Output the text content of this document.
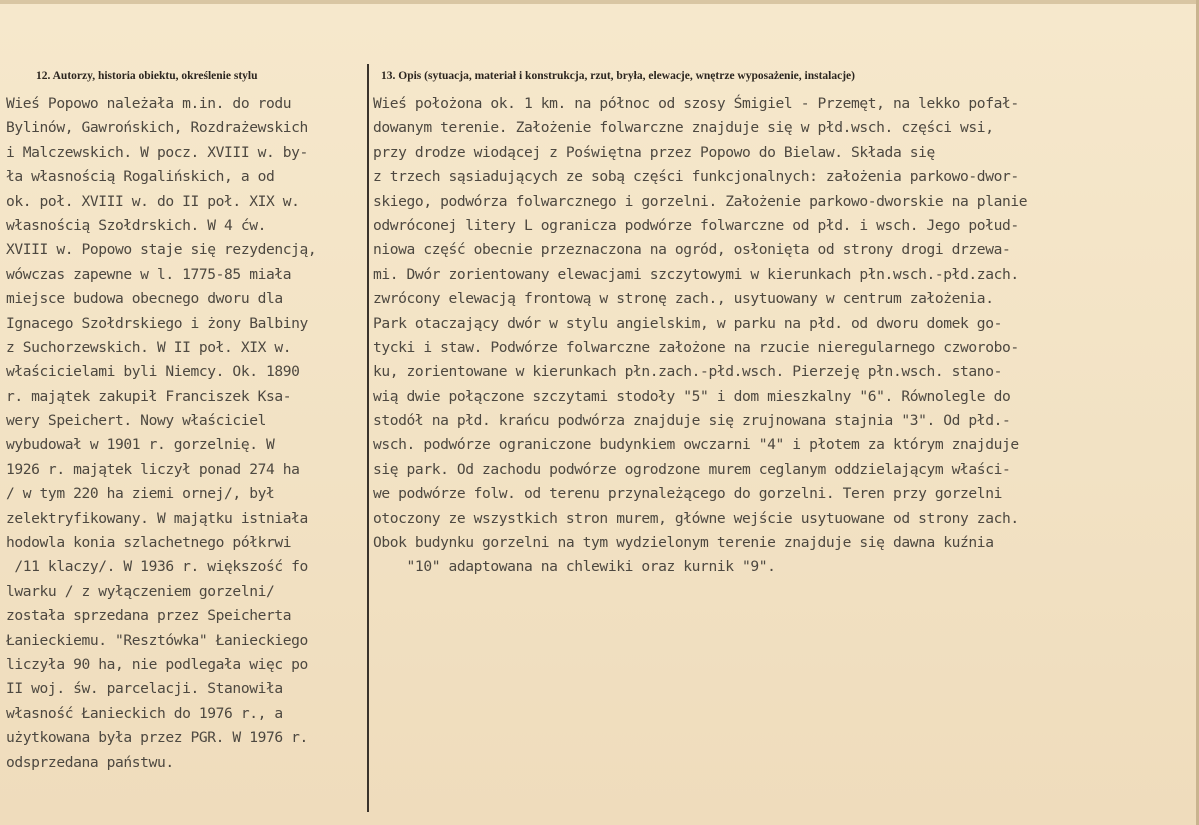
12. Autorzy, historia obiektu, określenie stylu	13. Opis (sytuacja, materiał i konstrukcja, rzut, bryła, elewacje, wnętrze wyposażenie, instalacje)
Wieś Popowo należała m.in. do rodu
Bylinów, Gawrońskich, Rozdrażewskich
i Malczewskich. W pocz. XVIII w. by-
ła własnością Rogalińskich, a od
ok. poł. XVIII w. do II poł. XIX w.
własnością Szołdrskich. W 4 ćw.
XVIII w. Popowo staje się rezydencją,
wówczas zapewne w l. 1775-85 miała
miejsce budowa obecnego dworu dla
Ignacego Szołdrskiego i żony Balbiny
z Suchorzewskich. W II poł. XIX w.
właścicielami byli Niemcy. Ok. 1890
r. majątek zakupił Franciszek Ksa-
wery Speichert. Nowy właściciel
wybudował w 1901 r. gorzelnię. W
1926 r. majątek liczył ponad 274 ha
/ w tym 220 ha ziemi ornej/, był
zelektryfikowany. W majątku istniała
hodowla konia szlachetnego półkrwi
/11 klaczy/. W 1936 r. większość fo
lwarku / z wyłączeniem gorzelni/
została sprzedana przez Speicherta
Łanieckiemu. "Resztówka" Łanieckiego
liczyła 90 ha, nie podlegała więc po
II woj. św. parcelacji. Stanowiła
własność Łanieckich do 1976 r., a
użytkowana była przez PGR. W 1976 r.
odsprzedana państwu.
Wieś położona ok. 1 km. na północ od szosy Śmigiel - Przemęt, na lekko pofał-
dowanym terenie. Założenie folwarczne znajduje się w płd.wsch. części wsi,
przy drodze wiodącej z Poświętna przez Popowo do Bielaw. Składa się
z trzech sąsiadujących ze sobą części funkcjonalnych: założenia parkowo-dwor-
skiego, podwórza folwarcznego i gorzelni. Założenie parkowo-dworskie na planie
odwróconej litery L ogranicza podwórze folwarczne od płd. i wsch. Jego połud-
niowa część obecnie przeznaczona na ogród, osłonięta od strony drogi drzewa-
mi. Dwór zorientowany elewacjami szczytowymi w kierunkach płn.wsch.-płd.zach.
zwrócony elewacją frontową w stronę zach., usytuowany w centrum założenia.
Park otaczający dwór w stylu angielskim, w parku na płd. od dworu domek go-
tycki i staw. Podwórze folwarczne założone na rzucie nieregularnego czworobo-
ku, zorientowane w kierunkach płn.zach.-płd.wsch. Pierzeję płn.wsch. stano-
wią dwie połączone szczytami stodoły "5" i dom mieszkalny "6". Równolegle do
stodół na płd. krańcu podwórza znajduje się zrujnowana stajnia "3". Od płd.-
wsch. podwórze ograniczone budynkiem owczarni "4" i płotem za którym znajduje
się park. Od zachodu podwórze ogrodzone murem ceglanym oddzielającym właści-
we podwórze folw. od terenu przynależącego do gorzelni. Teren przy gorzelni
otoczony ze wszystkich stron murem, główne wejście usytuowane od strony zach.
Obok budynku gorzelni na tym wydzielonym terenie znajduje się dawna kuźnia
"10" adaptowana na chlewiki oraz kurnik "9".
